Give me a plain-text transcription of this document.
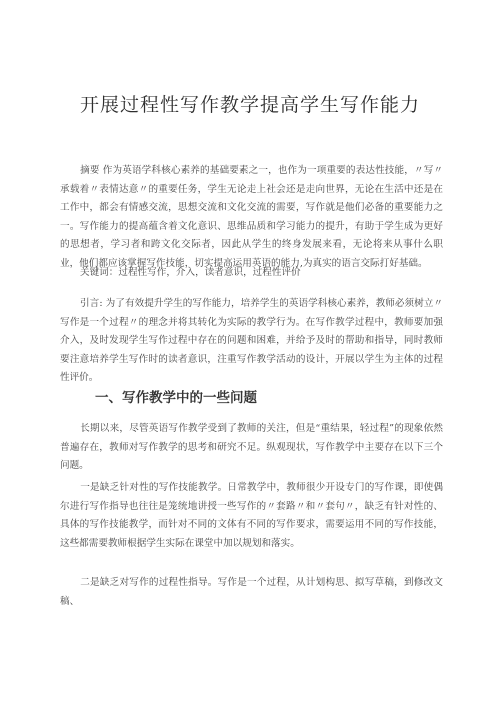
开展过程性写作教学提高学生写作能力

摘要 作为英语学科核心素养的基础要素之一，也作为一项重要的表达性技能，〃写〃承载着〃表情达意〃的重要任务，学生无论走上社会还是走向世界，无论在生活中还是在工作中，都会有情感交流，思想交流和文化交流的需要，写作就是他们必备的重要能力之一。写作能力的提高蕴含着文化意识、思维品质和学习能力的提升，有助于学生成为更好的思想者，学习者和跨文化交际者，因此从学生的终身发展来看，无论将来从事什么职业，他们都应该掌握写作技能，切实提高运用英语的能力,为真实的语言交际打好基础。

关键词：过程性写作，介入，读者意识，过程性评价

引言: 为了有效提升学生的写作能力，培养学生的英语学科核心素养，教师必须树立〃写作是一个过程〃的理念并将其转化为实际的教学行为。在写作教学过程中，教师要加强介入，及时发现学生写作过程中存在的问题和困难，并给予及时的帮助和指导，同时教师要注意培养学生写作时的读者意识，注重写作教学活动的设计，开展以学生为主体的过程性评价。

一、写作教学中的一些问题

长期以来，尽管英语写作教学受到了教师的关注，但是“重结果，轻过程”的现象依然普遍存在，教师对写作教学的思考和研究不足。纵观现状，写作教学中主要存在以下三个问题。

一是缺乏针对性的写作技能教学。日常教学中，教师很少开设专门的写作课，即使偶尔进行写作指导也往往是笼统地讲授一些写作的〃套路〃和〃套句〃，缺乏有针对性的、具体的写作技能教学，而针对不同的文体有不同的写作要求，需要运用不同的写作技能，这些都需要教师根据学生实际在课堂中加以规划和落实。

二是缺乏对写作的过程性指导。写作是一个过程，从计划构思、拟写草稿，到修改文稿、
